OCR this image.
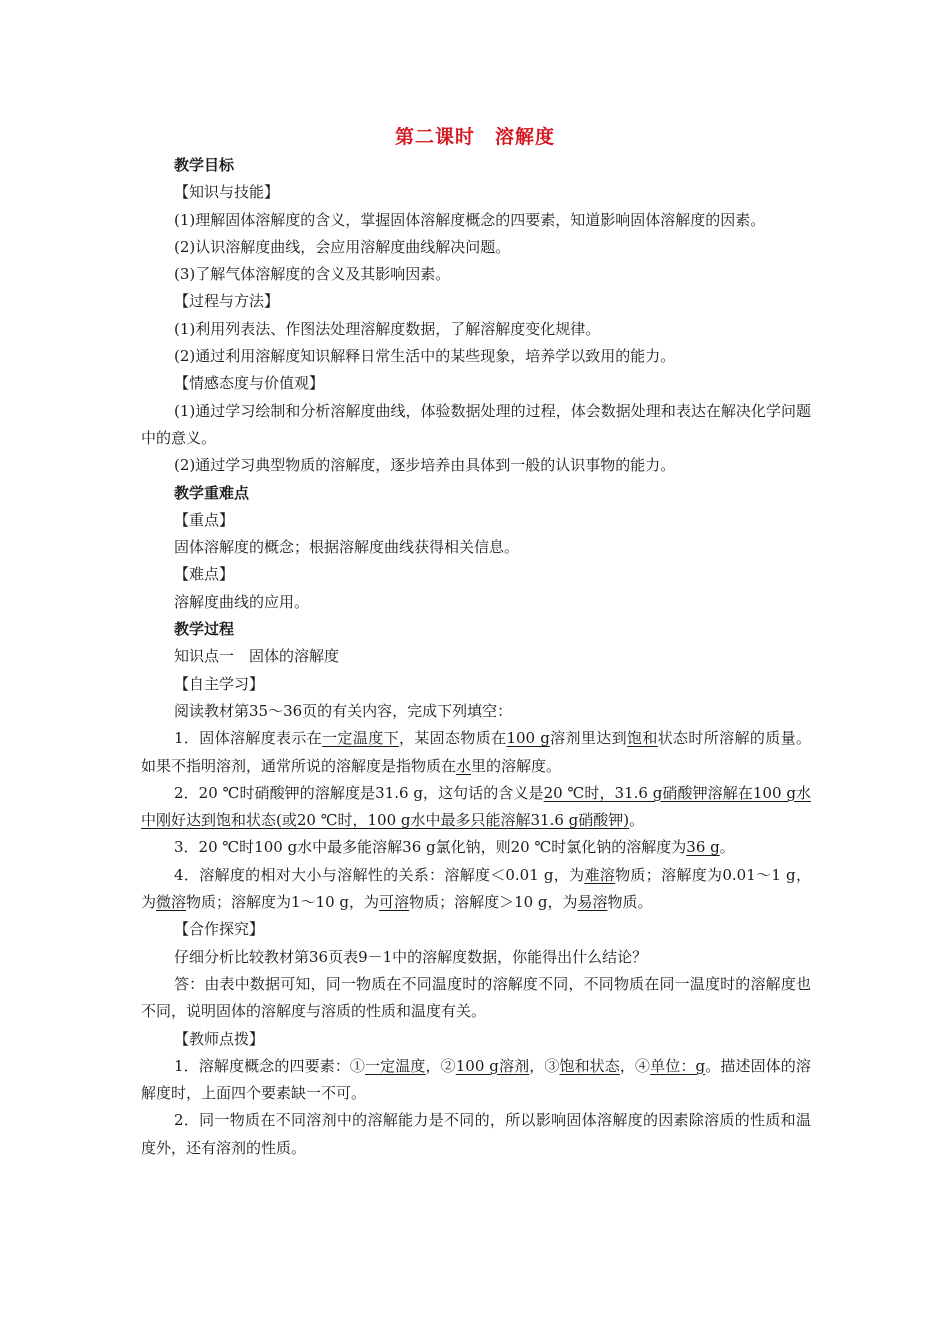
第二课时　溶解度

教学目标

【知识与技能】

(1)理解固体溶解度的含义，掌握固体溶解度概念的四要素，知道影响固体溶解度的因素。

(2)认识溶解度曲线，会应用溶解度曲线解决问题。

(3)了解气体溶解度的含义及其影响因素。

【过程与方法】

(1)利用列表法、作图法处理溶解度数据，了解溶解度变化规律。

(2)通过利用溶解度知识解释日常生活中的某些现象，培养学以致用的能力。

【情感态度与价值观】

(1)通过学习绘制和分析溶解度曲线，体验数据处理的过程，体会数据处理和表达在解决化学问题中的意义。

(2)通过学习典型物质的溶解度，逐步培养由具体到一般的认识事物的能力。

教学重难点

【重点】

固体溶解度的概念；根据溶解度曲线获得相关信息。

【难点】

溶解度曲线的应用。

教学过程

知识点一　固体的溶解度

【自主学习】

阅读教材第35～36页的有关内容，完成下列填空：

1．固体溶解度表示在一定温度下，某固态物质在100 g溶剂里达到饱和状态时所溶解的质量。如果不指明溶剂，通常所说的溶解度是指物质在水里的溶解度。

2．20 ℃时硝酸钾的溶解度是31.6 g，这句话的含义是20 ℃时，31.6 g硝酸钾溶解在100 g水中刚好达到饱和状态(或20 ℃时，100 g水中最多只能溶解31.6 g硝酸钾)。

3．20 ℃时100 g水中最多能溶解36 g氯化钠，则20 ℃时氯化钠的溶解度为36 g。

4．溶解度的相对大小与溶解性的关系：溶解度＜0.01 g，为难溶物质；溶解度为0.01～1 g，为微溶物质；溶解度为1～10 g，为可溶物质；溶解度＞10 g，为易溶物质。

【合作探究】

仔细分析比较教材第36页表9－1中的溶解度数据，你能得出什么结论？

答：由表中数据可知，同一物质在不同温度时的溶解度不同，不同物质在同一温度时的溶解度也不同，说明固体的溶解度与溶质的性质和温度有关。

【教师点拨】

1．溶解度概念的四要素：①一定温度，②100 g溶剂，③饱和状态，④单位：g。描述固体的溶解度时，上面四个要素缺一不可。

2．同一物质在不同溶剂中的溶解能力是不同的，所以影响固体溶解度的因素除溶质的性质和温度外，还有溶剂的性质。
